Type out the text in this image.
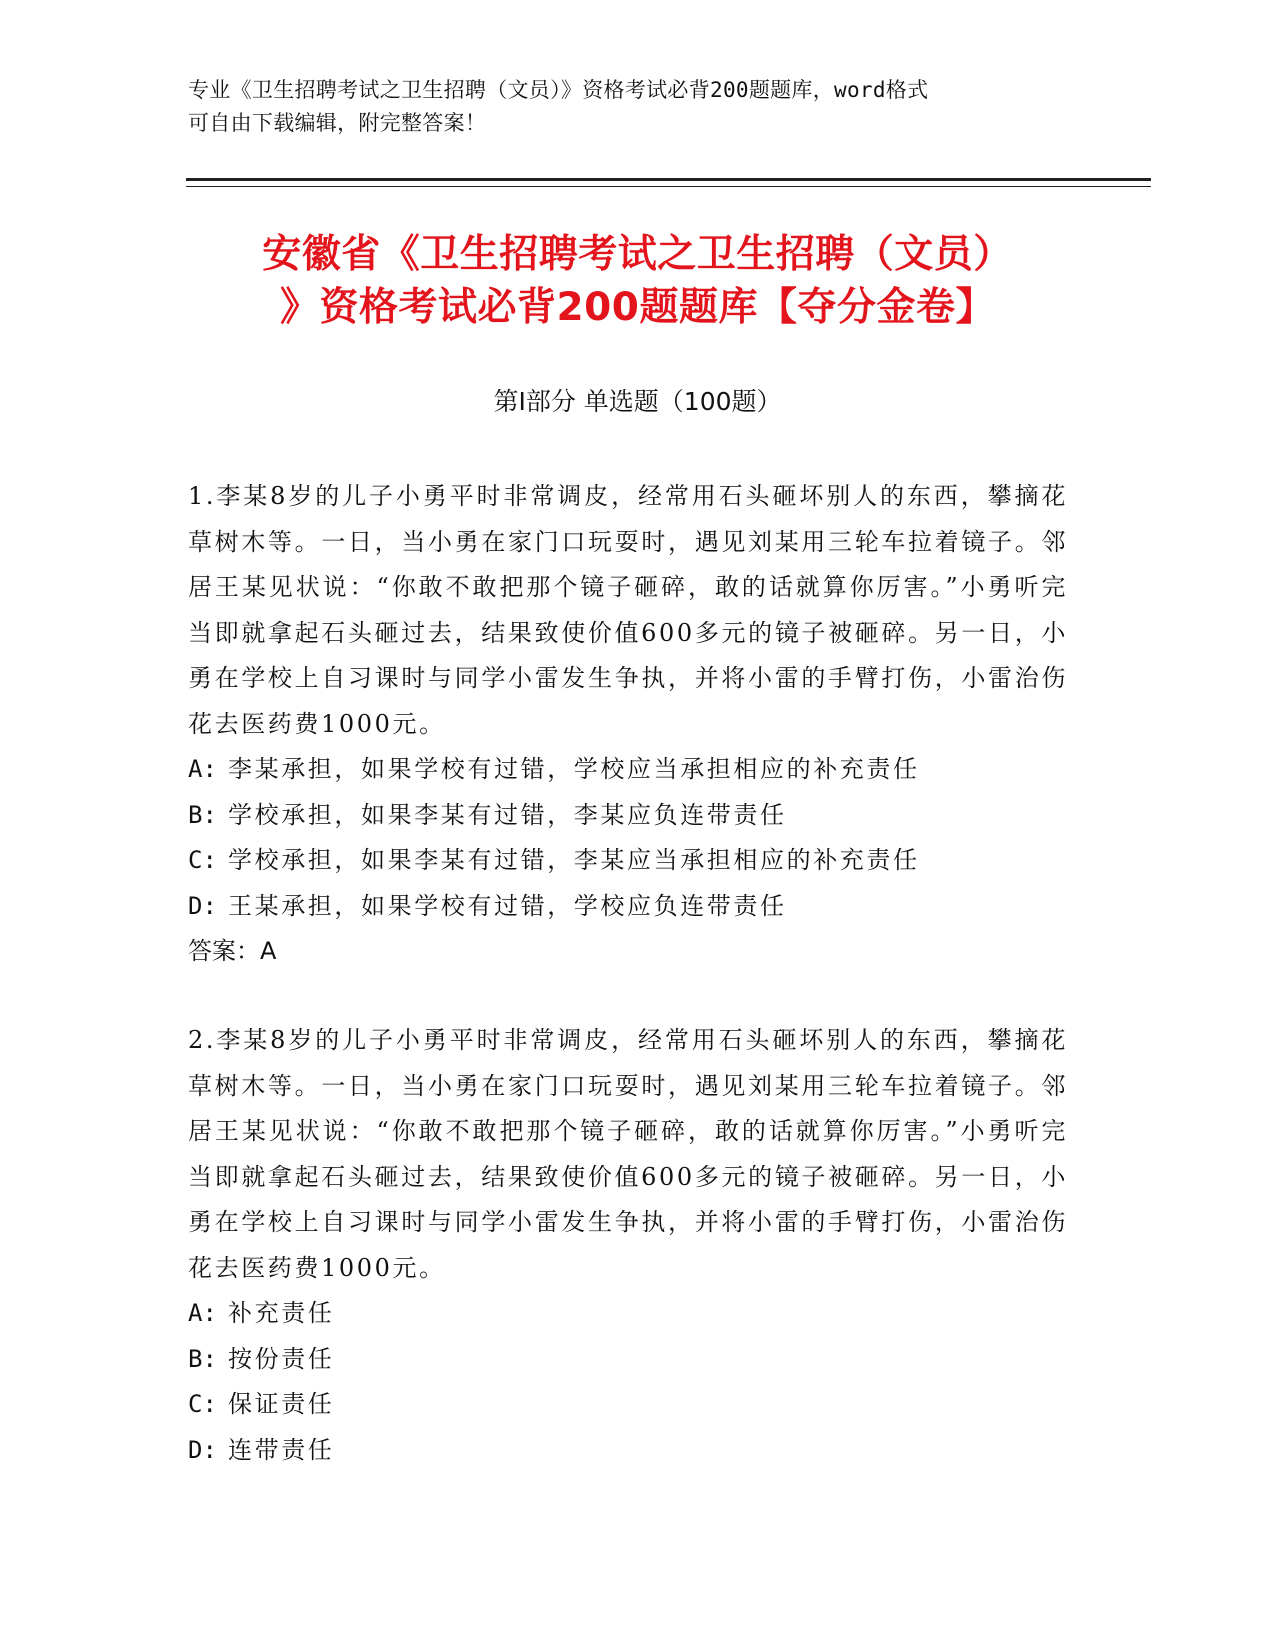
专业《卫生招聘考试之卫生招聘（文员）》资格考试必背200题题库，word格式
可自由下载编辑，附完整答案！
安徽省《卫生招聘考试之卫生招聘（文员）
》资格考试必背200题题库【夺分金卷】
第Ⅰ部分 单选题（100题）

1.李某8岁的儿子小勇平时非常调皮，经常用石头砸坏别人的东西，攀摘花草树木等。一日，当小勇在家门口玩耍时，遇见刘某用三轮车拉着镜子。邻居王某见状说：“你敢不敢把那个镜子砸碎，敢的话就算你厉害。”小勇听完当即就拿起石头砸过去，结果致使价值600多元的镜子被砸碎。另一日，小勇在学校上自习课时与同学小雷发生争执，并将小雷的手臂打伤，小雷治伤花去医药费1000元。

A: 李某承担，如果学校有过错，学校应当承担相应的补充责任
B: 学校承担，如果李某有过错，李某应负连带责任
C: 学校承担，如果李某有过错，李某应当承担相应的补充责任
D: 王某承担，如果学校有过错，学校应负连带责任
答案：A

2.李某8岁的儿子小勇平时非常调皮，经常用石头砸坏别人的东西，攀摘花草树木等。一日，当小勇在家门口玩耍时，遇见刘某用三轮车拉着镜子。邻居王某见状说：“你敢不敢把那个镜子砸碎，敢的话就算你厉害。”小勇听完当即就拿起石头砸过去，结果致使价值600多元的镜子被砸碎。另一日，小勇在学校上自习课时与同学小雷发生争执，并将小雷的手臂打伤，小雷治伤花去医药费1000元。

A: 补充责任
B: 按份责任
C: 保证责任
D: 连带责任
